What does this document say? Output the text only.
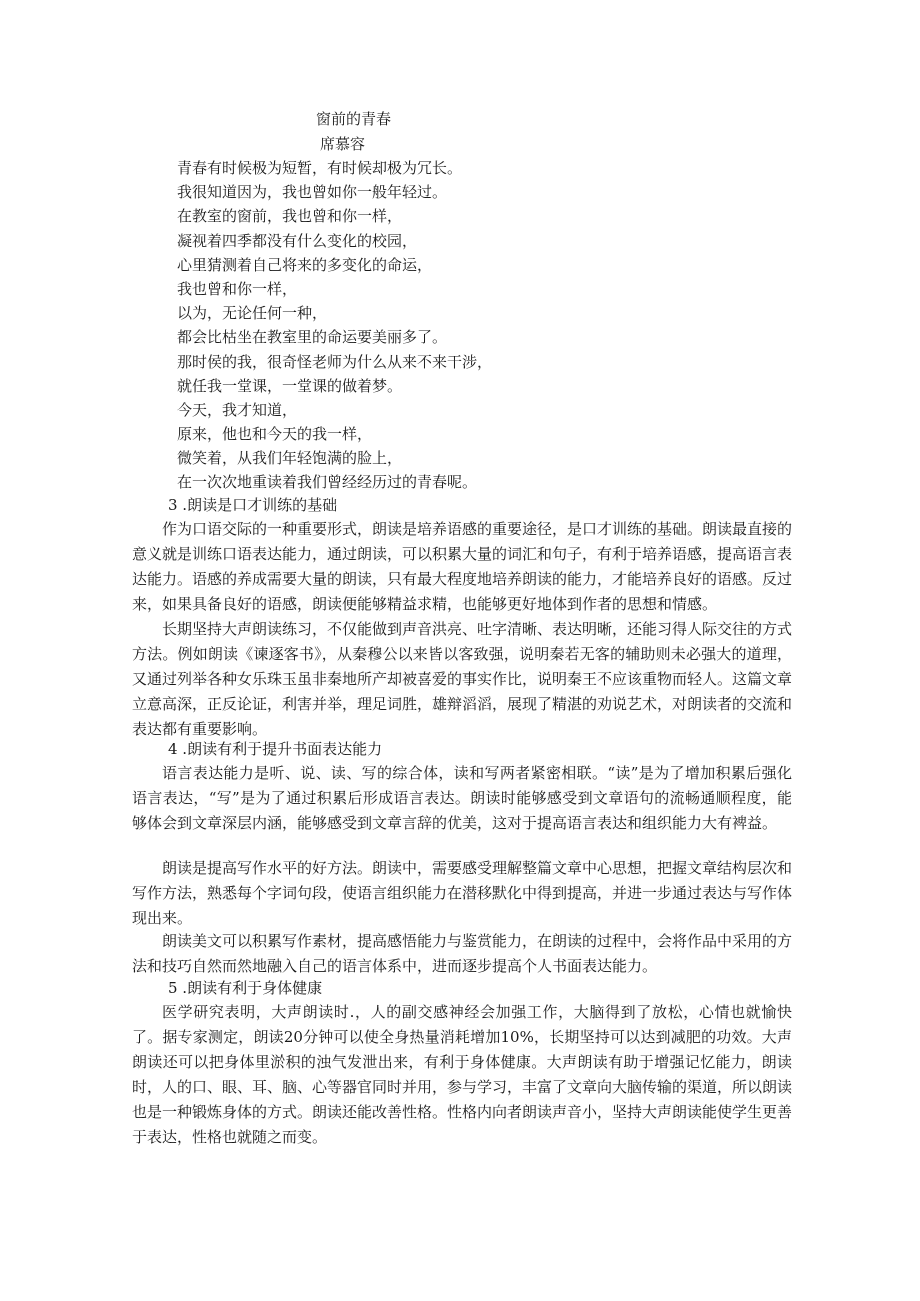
窗前的青春
席慕容
青春有时候极为短暂，有时候却极为冗长。
我很知道因为，我也曾如你一般年轻过。
在教室的窗前，我也曾和你一样，
凝视着四季都没有什么变化的校园，
心里猜测着自己将来的多变化的命运，
我也曾和你一样，
以为，无论任何一种，
都会比枯坐在教室里的命运要美丽多了。
那时侯的我，很奇怪老师为什么从来不来干涉，
就任我一堂课，一堂课的做着梦。
今天，我才知道，
原来，他也和今天的我一样，
微笑着，从我们年轻饱满的脸上，
在一次次地重读着我们曾经经历过的青春呢。
3 .朗读是口才训练的基础

作为口语交际的一种重要形式，朗读是培养语感的重要途径，是口才训练的基础。朗读最直接的意义就是训练口语表达能力，通过朗读，可以积累大量的词汇和句子，有利于培养语感，提高语言表达能力。语感的养成需要大量的朗读，只有最大程度地培养朗读的能力，才能培养良好的语感。反过来，如果具备良好的语感，朗读便能够精益求精，也能够更好地体到作者的思想和情感。

长期坚持大声朗读练习，不仅能做到声音洪亮、吐字清晰、表达明晰，还能习得人际交往的方式方法。例如朗读《谏逐客书》，从秦穆公以来皆以客致强，说明秦若无客的辅助则未必强大的道理，又通过列举各种女乐珠玉虽非秦地所产却被喜爱的事实作比，说明秦王不应该重物而轻人。这篇文章立意高深，正反论证，利害并举，理足词胜，雄辩滔滔，展现了精湛的劝说艺术，对朗读者的交流和表达都有重要影响。

4 .朗读有利于提升书面表达能力

语言表达能力是听、说、读、写的综合体，读和写两者紧密相联。“读”是为了增加积累后强化语言表达，“写”是为了通过积累后形成语言表达。朗读时能够感受到文章语句的流畅通顺程度，能够体会到文章深层内涵，能够感受到文章言辞的优美，这对于提高语言表达和组织能力大有裨益。

朗读是提高写作水平的好方法。朗读中，需要感受理解整篇文章中心思想，把握文章结构层次和写作方法，熟悉每个字词句段，使语言组织能力在潜移默化中得到提高，并进一步通过表达与写作体现出来。

朗读美文可以积累写作素材，提高感悟能力与鉴赏能力，在朗读的过程中，会将作品中采用的方法和技巧自然而然地融入自己的语言体系中，进而逐步提高个人书面表达能力。

5 .朗读有利于身体健康

医学研究表明，大声朗读时.，人的副交感神经会加强工作，大脑得到了放松，心情也就愉快了。据专家测定，朗读20分钟可以使全身热量消耗增加10%，长期坚持可以达到减肥的功效。大声朗读还可以把身体里淤积的浊气发泄出来，有利于身体健康。大声朗读有助于增强记忆能力，朗读时，人的口、眼、耳、脑、心等器官同时并用，参与学习，丰富了文章向大脑传输的渠道，所以朗读也是一种锻炼身体的方式。朗读还能改善性格。性格内向者朗读声音小，坚持大声朗读能使学生更善于表达，性格也就随之而变。
